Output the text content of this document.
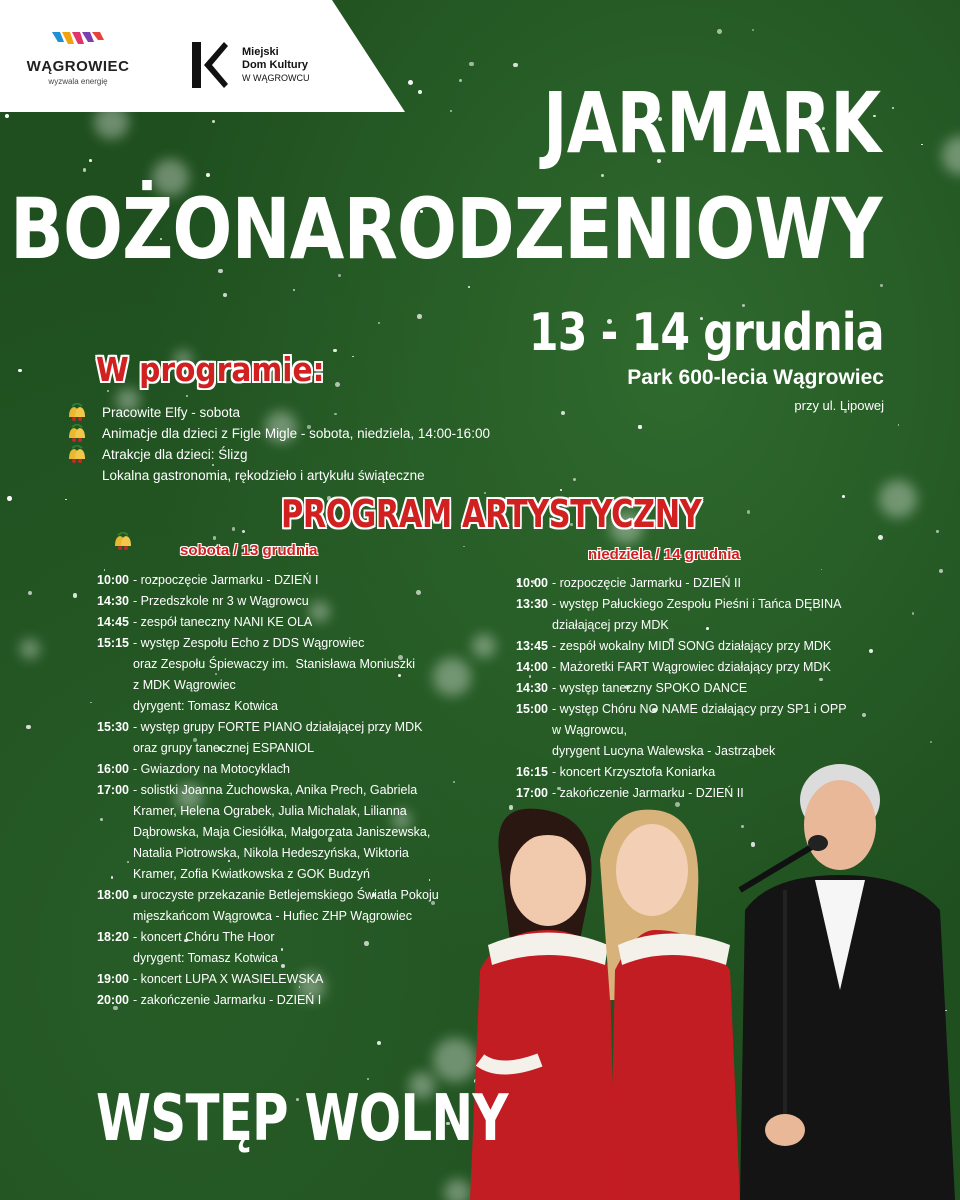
WĄGROWIEC
wyzwala energię
Miejski
Dom Kultury
W WĄGROWCU	JARMARK
BOŻONARODZENIOWY
13 - 14 grudnia
Park 600-lecia Wągrowiec
przy ul. Lipowej
W programie:
Pracowite Elfy - sobota
Animacje dla dzieci z Figle Migle - sobota, niedziela, 14:00-16:00
Atrakcje dla dzieci: Ślizg
Lokalna gastronomia, rękodzieło i artykułu świąteczne
PROGRAM ARTYSTYCZNY
sobota / 13 grudnia	niedziela / 14 grudnia
10:00 - rozpoczęcie Jarmarku - DZIEŃ I
14:30 - Przedszkole nr 3 w Wągrowcu
14:45 - zespół taneczny NANI KE OLA
15:15 - występ Zespołu Echo z DDS Wągrowiec
oraz Zespołu Śpiewaczy im.  Stanisława Moniuszki
z MDK Wągrowiec
dyrygent: Tomasz Kotwica
15:30 - występ grupy FORTE PIANO działającej przy MDK
oraz grupy tanecznej ESPANIOL
16:00 - Gwiazdory na Motocyklach
17:00 - solistki Joanna Żuchowska, Anika Prech, Gabriela
Kramer, Helena Ograbek, Julia Michalak, Lilianna
Dąbrowska, Maja Ciesiółka, Małgorzata Janiszewska,
Natalia Piotrowska, Nikola Hedeszyńska, Wiktoria
Kramer, Zofia Kwiatkowska z GOK Budzyń
18:00 - uroczyste przekazanie Betlejemskiego Światła Pokoju
mieszkańcom Wągrowca - Hufiec ZHP Wągrowiec
18:20 - koncert Chóru The Hoor
dyrygent: Tomasz Kotwica
19:00 - koncert LUPA X WASIELEWSKA
20:00 - zakończenie Jarmarku - DZIEŃ I
10:00 - rozpoczęcie Jarmarku - DZIEŃ II
13:30 - występ Pałuckiego Zespołu Pieśni i Tańca DĘBINA
działającej przy MDK
13:45 - zespół wokalny MIDI SONG działający przy MDK
14:00 - Mażoretki FART Wągrowiec działający przy MDK
14:30 - występ taneczny SPOKO DANCE
15:00 - występ Chóru NO NAME działający przy SP1 i OPP
w Wągrowcu,
dyrygent Lucyna Walewska - Jastrząbek
16:15 - koncert Krzysztofa Koniarka
17:00 - zakończenie Jarmarku - DZIEŃ II
WSTĘP WOLNY
